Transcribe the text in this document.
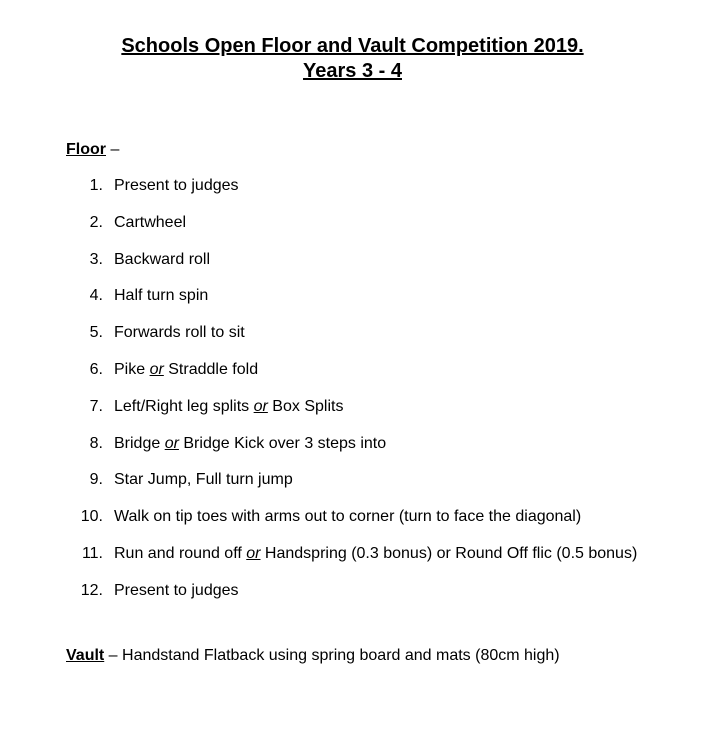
Schools Open Floor and Vault Competition 2019.
Years 3 - 4
Floor –
1. Present to judges
2. Cartwheel
3. Backward roll
4. Half turn spin
5. Forwards roll to sit
6. Pike or Straddle fold
7. Left/Right leg splits or Box Splits
8. Bridge or Bridge Kick over 3 steps into
9. Star Jump, Full turn jump
10. Walk on tip toes with arms out to corner (turn to face the diagonal)
11. Run and round off or Handspring (0.3 bonus) or Round Off flic (0.5 bonus)
12. Present to judges
Vault – Handstand Flatback using spring board and mats (80cm high)
